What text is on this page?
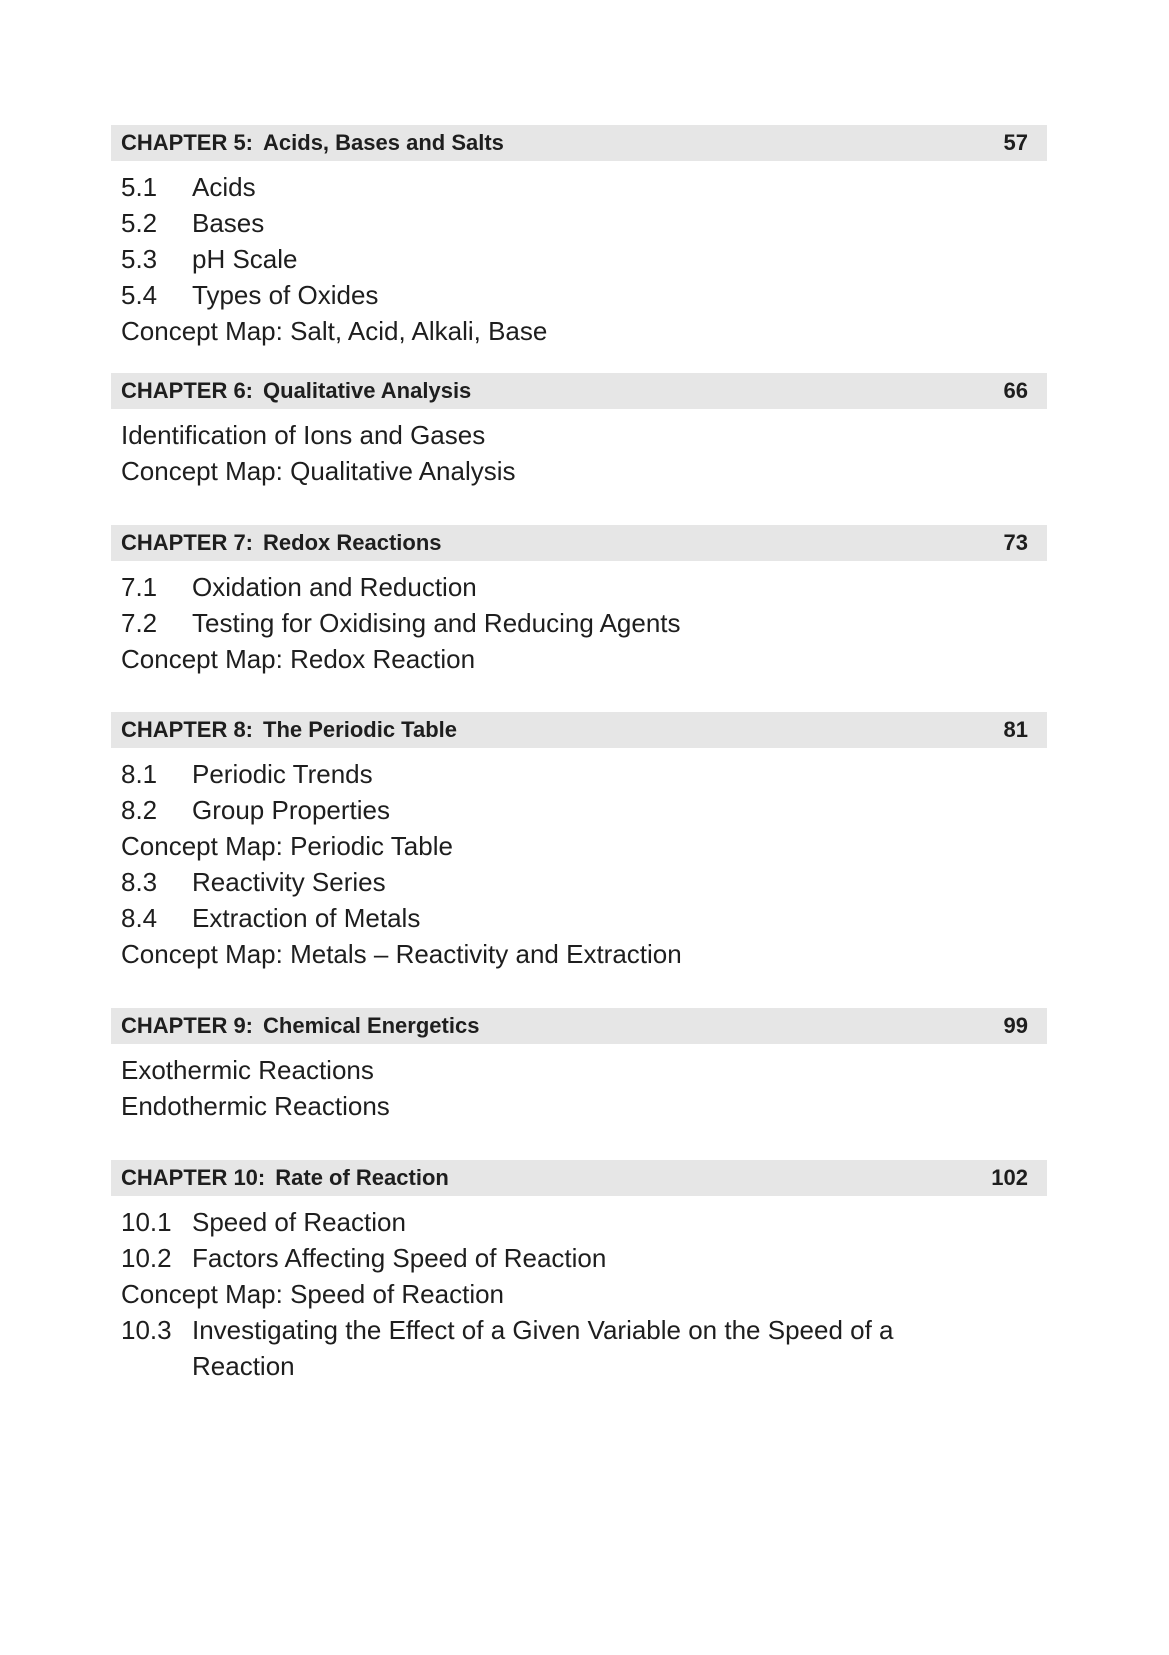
CHAPTER 5: Acids, Bases and Salts	57
5.1 Acids
5.2 Bases
5.3 pH Scale
5.4 Types of Oxides
Concept Map: Salt, Acid, Alkali, Base
CHAPTER 6: Qualitative Analysis	66
Identification of Ions and Gases
Concept Map: Qualitative Analysis
CHAPTER 7: Redox Reactions	73
7.1 Oxidation and Reduction
7.2 Testing for Oxidising and Reducing Agents
Concept Map: Redox Reaction
CHAPTER 8: The Periodic Table	81
8.1 Periodic Trends
8.2 Group Properties
Concept Map: Periodic Table
8.3 Reactivity Series
8.4 Extraction of Metals
Concept Map: Metals – Reactivity and Extraction
CHAPTER 9: Chemical Energetics	99
Exothermic Reactions
Endothermic Reactions
CHAPTER 10: Rate of Reaction	102
10.1 Speed of Reaction
10.2 Factors Affecting Speed of Reaction
Concept Map: Speed of Reaction
10.3 Investigating the Effect of a Given Variable on the Speed of a
Reaction
